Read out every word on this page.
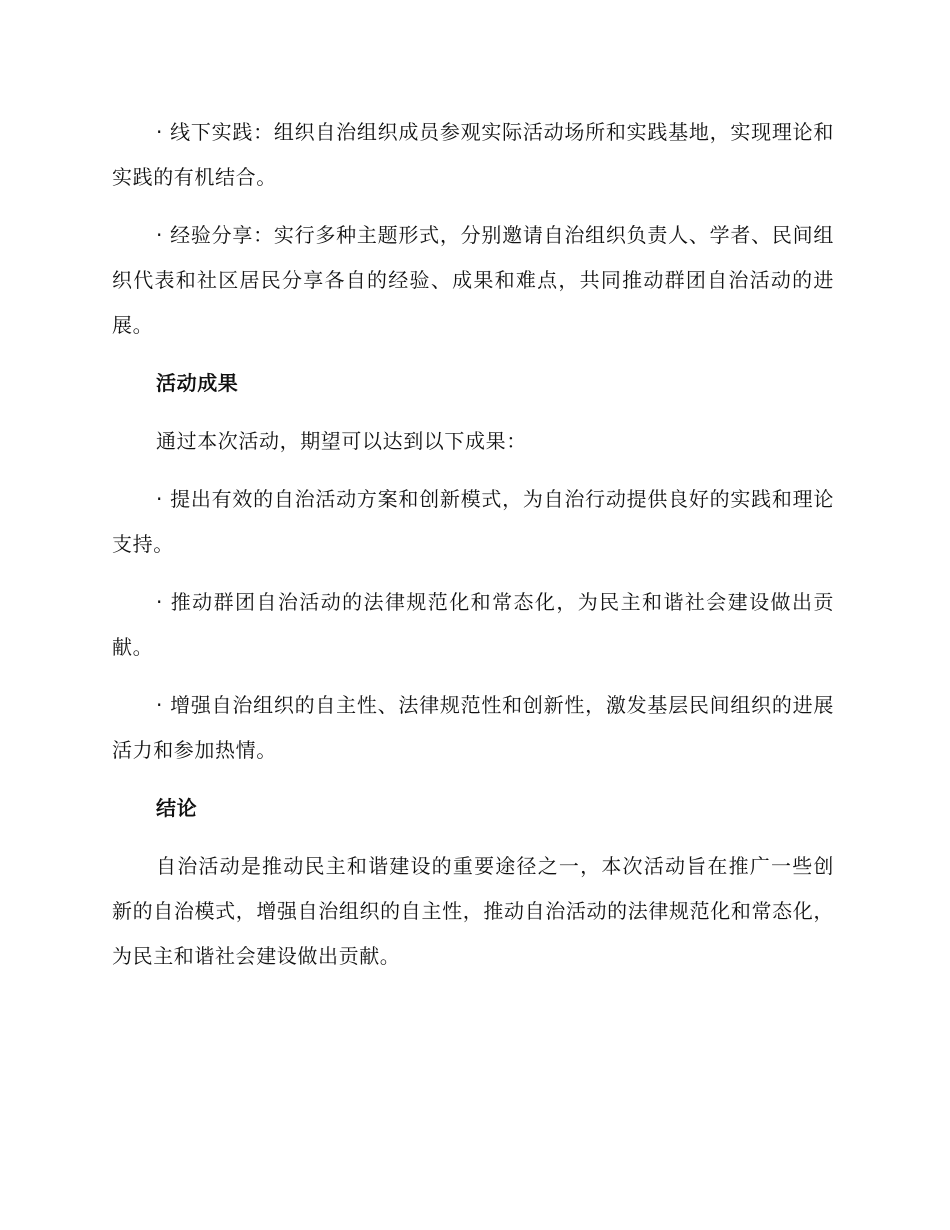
· 线下实践：组织自治组织成员参观实际活动场所和实践基地，实现理论和实践的有机结合。

· 经验分享：实行多种主题形式，分别邀请自治组织负责人、学者、民间组织代表和社区居民分享各自的经验、成果和难点，共同推动群团自治活动的进展。

活动成果

通过本次活动，期望可以达到以下成果：

· 提出有效的自治活动方案和创新模式，为自治行动提供良好的实践和理论支持。

· 推动群团自治活动的法律规范化和常态化，为民主和谐社会建设做出贡献。

· 增强自治组织的自主性、法律规范性和创新性，激发基层民间组织的进展活力和参加热情。

结论

自治活动是推动民主和谐建设的重要途径之一，本次活动旨在推广一些创新的自治模式，增强自治组织的自主性，推动自治活动的法律规范化和常态化，为民主和谐社会建设做出贡献。
